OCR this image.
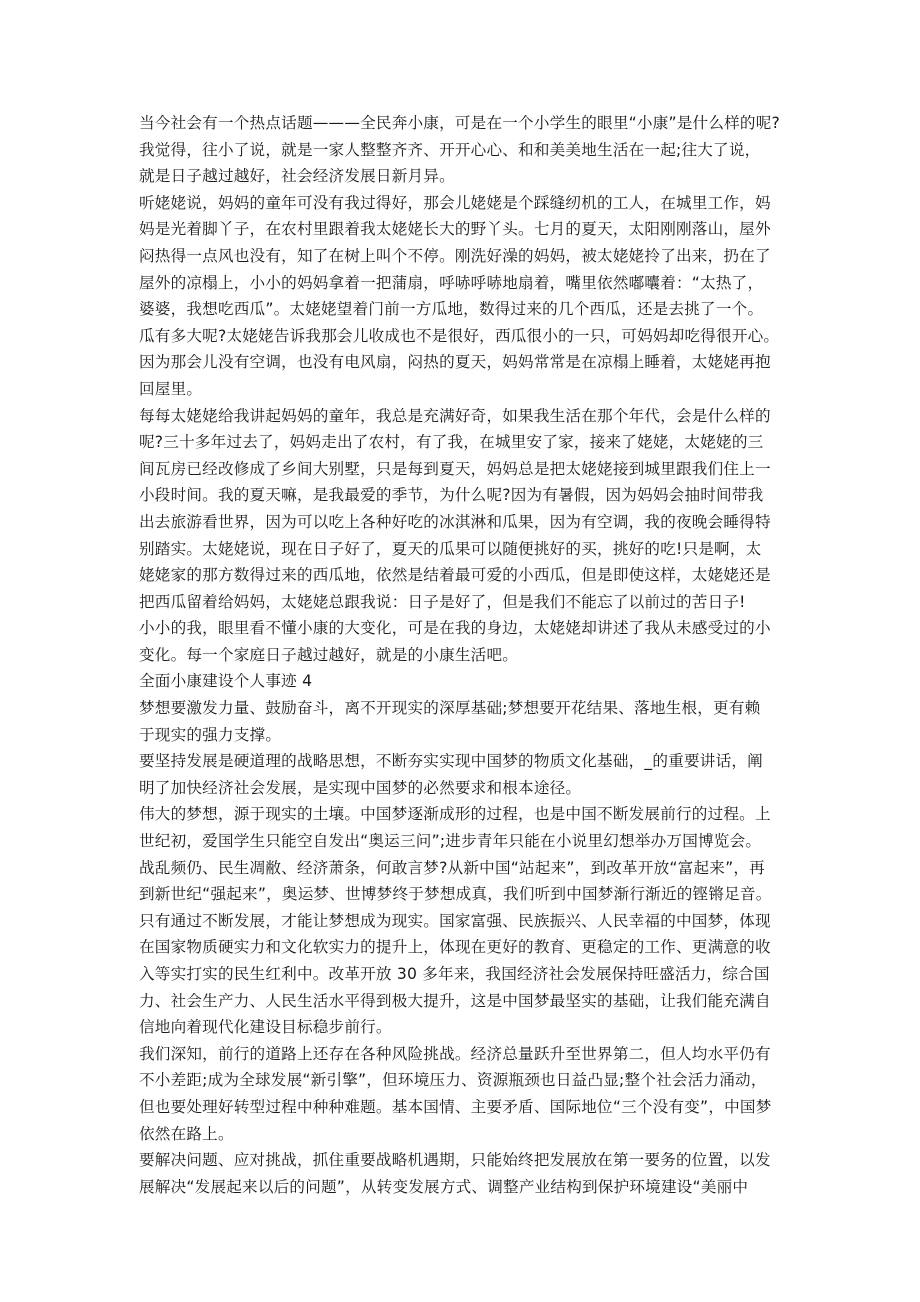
当今社会有一个热点话题———全民奔小康，可是在一个小学生的眼里“小康”是什么样的呢?
我觉得，往小了说，就是一家人整整齐齐、开开心心、和和美美地生活在一起;往大了说，
就是日子越过越好，社会经济发展日新月异。
听姥姥说，妈妈的童年可没有我过得好，那会儿姥姥是个踩缝纫机的工人，在城里工作，妈
妈是光着脚丫子，在农村里跟着我太姥姥长大的野丫头。七月的夏天，太阳刚刚落山，屋外
闷热得一点风也没有，知了在树上叫个不停。刚洗好澡的妈妈，被太姥姥拎了出来，扔在了
屋外的凉榻上，小小的妈妈拿着一把蒲扇，呼哧呼哧地扇着，嘴里依然嘟囔着：“太热了，
婆婆，我想吃西瓜”。太姥姥望着门前一方瓜地，数得过来的几个西瓜，还是去挑了一个。
瓜有多大呢?太姥姥告诉我那会儿收成也不是很好，西瓜很小的一只，可妈妈却吃得很开心。
因为那会儿没有空调，也没有电风扇，闷热的夏天，妈妈常常是在凉榻上睡着，太姥姥再抱
回屋里。
每每太姥姥给我讲起妈妈的童年，我总是充满好奇，如果我生活在那个年代，会是什么样的
呢?三十多年过去了，妈妈走出了农村，有了我，在城里安了家，接来了姥姥，太姥姥的三
间瓦房已经改修成了乡间大别墅，只是每到夏天，妈妈总是把太姥姥接到城里跟我们住上一
小段时间。我的夏天嘛，是我最爱的季节，为什么呢?因为有暑假，因为妈妈会抽时间带我
出去旅游看世界，因为可以吃上各种好吃的冰淇淋和瓜果，因为有空调，我的夜晚会睡得特
别踏实。太姥姥说，现在日子好了，夏天的瓜果可以随便挑好的买，挑好的吃!只是啊，太
姥姥家的那方数得过来的西瓜地，依然是结着最可爱的小西瓜，但是即使这样，太姥姥还是
把西瓜留着给妈妈，太姥姥总跟我说：日子是好了，但是我们不能忘了以前过的苦日子!
小小的我，眼里看不懂小康的大变化，可是在我的身边，太姥姥却讲述了我从未感受过的小
变化。每一个家庭日子越过越好，就是的小康生活吧。
全面小康建设个人事迹 4
梦想要激发力量、鼓励奋斗，离不开现实的深厚基础;梦想要开花结果、落地生根，更有赖
于现实的强力支撑。
要坚持发展是硬道理的战略思想，不断夯实实现中国梦的物质文化基础，_的重要讲话，阐
明了加快经济社会发展，是实现中国梦的必然要求和根本途径。
伟大的梦想，源于现实的土壤。中国梦逐渐成形的过程，也是中国不断发展前行的过程。上
世纪初，爱国学生只能空自发出“奥运三问”;进步青年只能在小说里幻想举办万国博览会。
战乱频仍、民生凋敝、经济萧条，何敢言梦?从新中国“站起来”，到改革开放“富起来”，再
到新世纪“强起来”，奥运梦、世博梦终于梦想成真，我们听到中国梦渐行渐近的铿锵足音。
只有通过不断发展，才能让梦想成为现实。国家富强、民族振兴、人民幸福的中国梦，体现
在国家物质硬实力和文化软实力的提升上，体现在更好的教育、更稳定的工作、更满意的收
入等实打实的民生红利中。改革开放 30 多年来，我国经济社会发展保持旺盛活力，综合国
力、社会生产力、人民生活水平得到极大提升，这是中国梦最坚实的基础，让我们能充满自
信地向着现代化建设目标稳步前行。
我们深知，前行的道路上还存在各种风险挑战。经济总量跃升至世界第二，但人均水平仍有
不小差距;成为全球发展“新引擎”，但环境压力、资源瓶颈也日益凸显;整个社会活力涌动，
但也要处理好转型过程中种种难题。基本国情、主要矛盾、国际地位“三个没有变”，中国梦
依然在路上。
要解决问题、应对挑战，抓住重要战略机遇期，只能始终把发展放在第一要务的位置，以发
展解决“发展起来以后的问题”，从转变发展方式、调整产业结构到保护环境建设“美丽中
